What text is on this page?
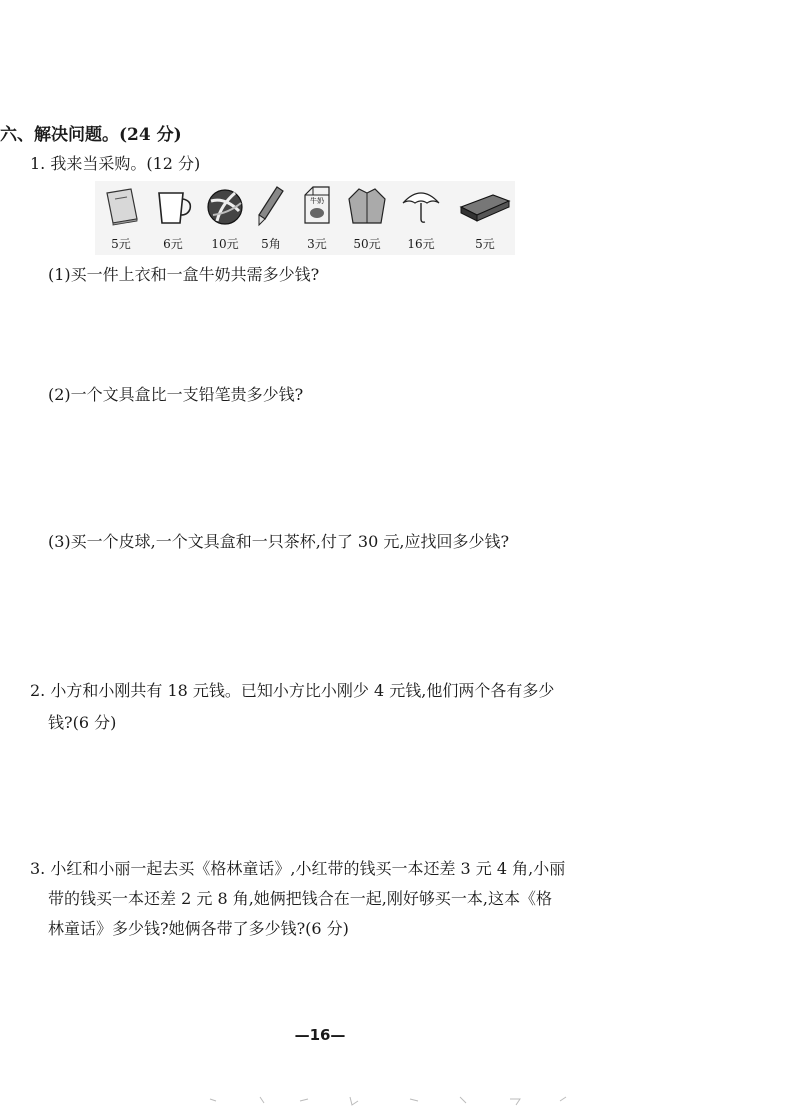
六、解决问题。(24 分)
1. 我来当采购。(12 分)
5元	6元	10元	5角
牛奶
3元	50元	16元	5元
(1)买一件上衣和一盒牛奶共需多少钱?
(2)一个文具盒比一支铅笔贵多少钱?
(3)买一个皮球,一个文具盒和一只茶杯,付了 30 元,应找回多少钱?
2. 小方和小刚共有 18 元钱。已知小方比小刚少 4 元钱,他们两个各有多少
钱?(6 分)
3. 小红和小丽一起去买《格林童话》,小红带的钱买一本还差 3 元 4 角,小丽
带的钱买一本还差 2 元 8 角,她俩把钱合在一起,刚好够买一本,这本《格
林童话》多少钱?她俩各带了多少钱?(6 分)
—16—
